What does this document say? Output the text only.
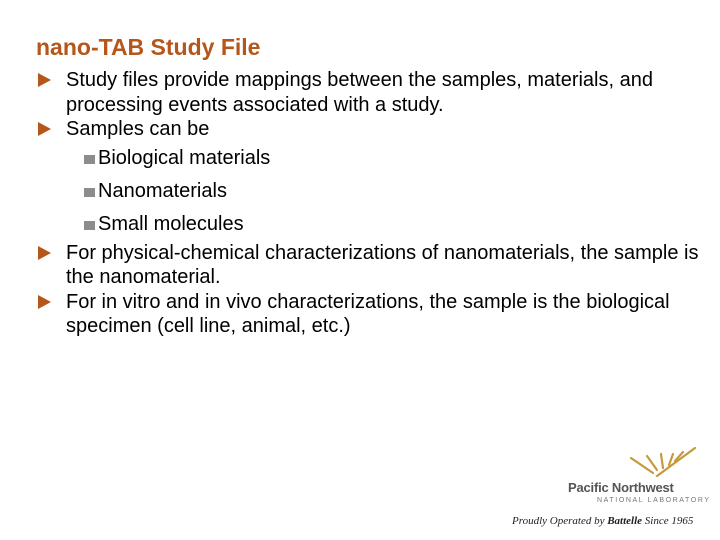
nano-TAB Study File
Study files provide mappings between the samples, materials, and processing events associated with a study.
Samples can be
Biological materials
Nanomaterials
Small molecules
For physical-chemical characterizations of nanomaterials, the sample is the nanomaterial.
For in vitro and in vivo characterizations, the sample is the biological specimen (cell line, animal, etc.)
Pacific Northwest
NATIONAL LABORATORY
Proudly Operated by Battelle Since 1965
